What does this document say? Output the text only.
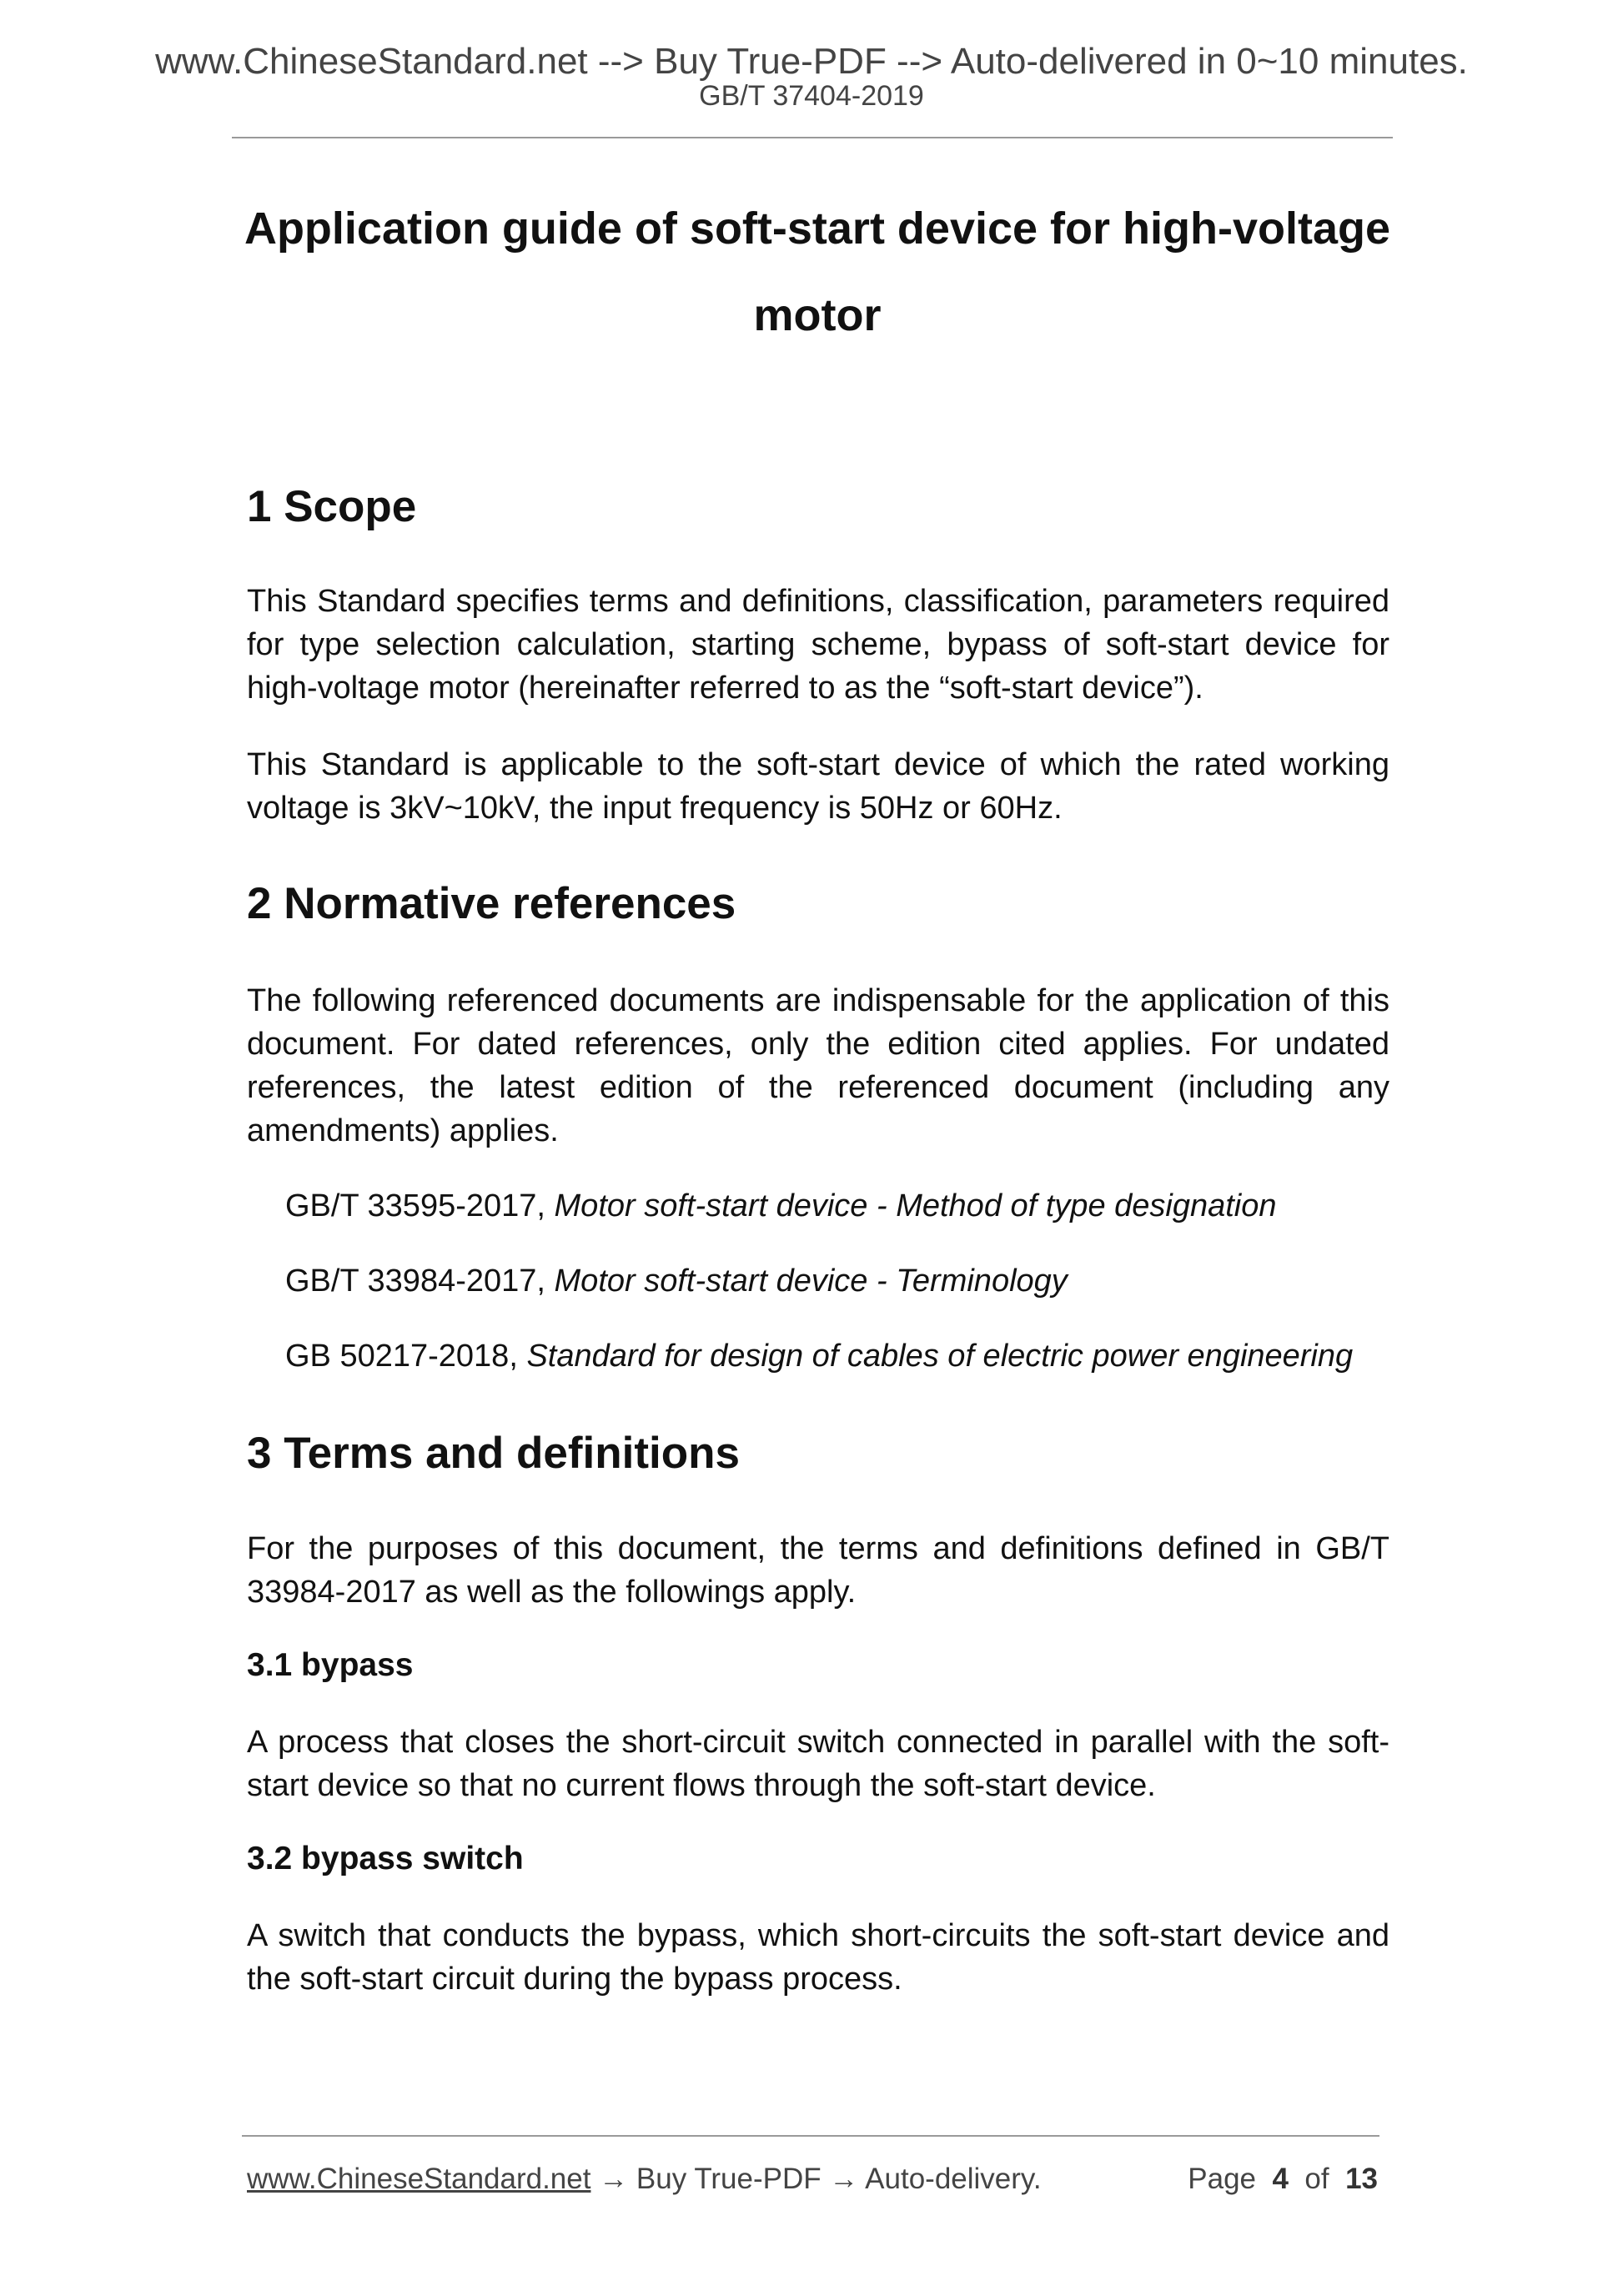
www.ChineseStandard.net --> Buy True-PDF --> Auto-delivered in 0~10 minutes.
GB/T 37404-2019
Application guide of soft-start device for high-voltage
motor
1 Scope
This Standard specifies terms and definitions, classification, parameters required for type selection calculation, starting scheme, bypass of soft-start device for high-voltage motor (hereinafter referred to as the “soft-start device”).
This Standard is applicable to the soft-start device of which the rated working voltage is 3kV~10kV, the input frequency is 50Hz or 60Hz.
2 Normative references
The following referenced documents are indispensable for the application of this document. For dated references, only the edition cited applies. For undated references, the latest edition of the referenced document (including any amendments) applies.
GB/T 33595-2017, Motor soft-start device - Method of type designation
GB/T 33984-2017, Motor soft-start device - Terminology
GB 50217-2018, Standard for design of cables of electric power engineering
3 Terms and definitions
For the purposes of this document, the terms and definitions defined in GB/T 33984-2017 as well as the followings apply.
3.1 bypass
A process that closes the short-circuit switch connected in parallel with the soft-start device so that no current flows through the soft-start device.
3.2 bypass switch
A switch that conducts the bypass, which short-circuits the soft-start device and the soft-start circuit during the bypass process.
www.ChineseStandard.net → Buy True-PDF → Auto-delivery.	Page 4 of 13
